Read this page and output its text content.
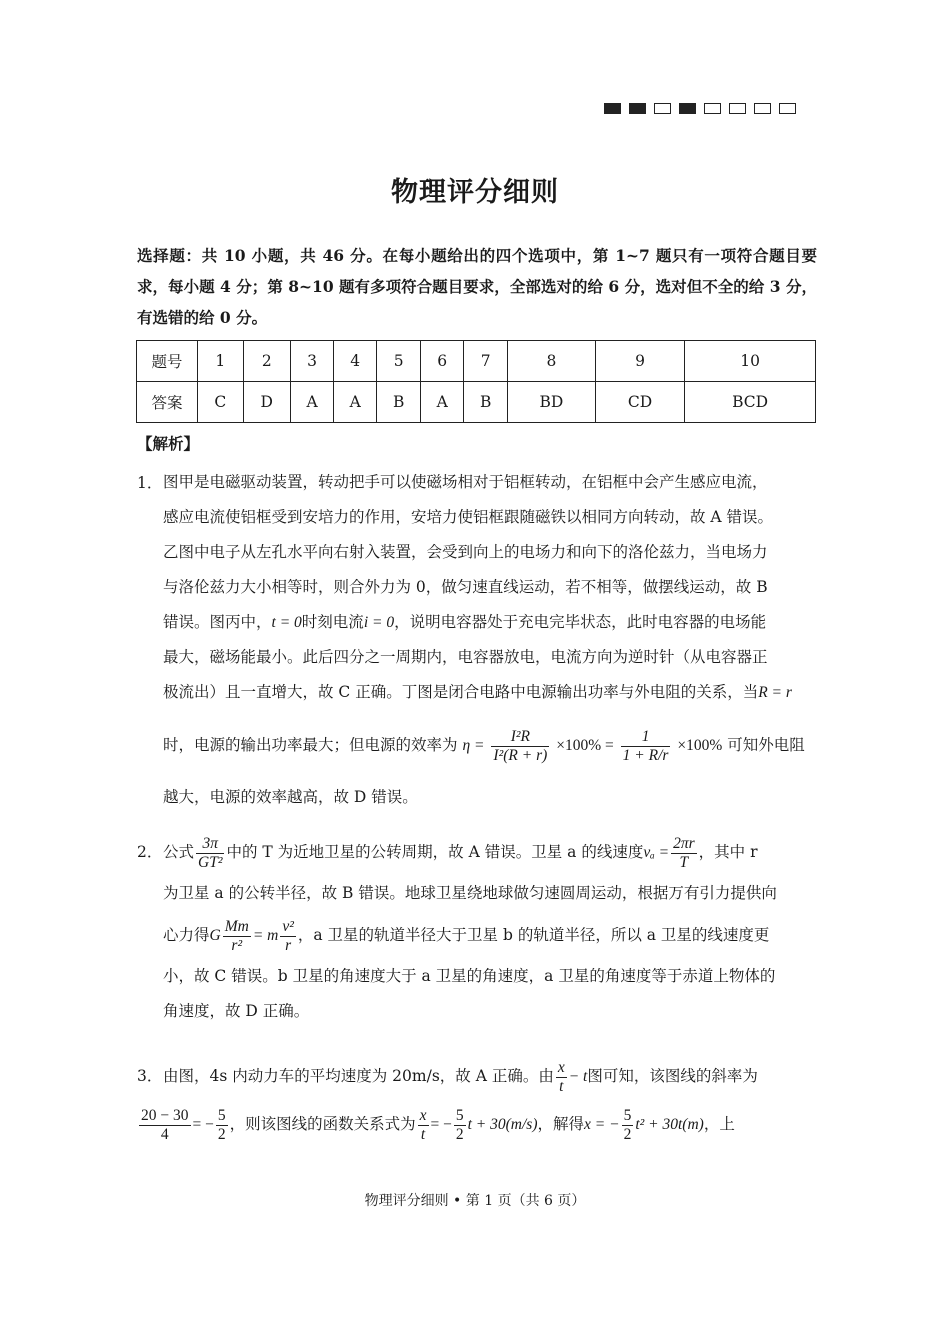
物理评分细则
选择题：共 10 小题，共 46 分。在每小题给出的四个选项中，第 1~7 题只有一项符合题目要求，每小题 4 分；第 8~10 题有多项符合题目要求，全部选对的给 6 分，选对但不全的给 3 分，有选错的给 0 分。
题号	1	2	3	4	5	6	7	8	9	10
答案	C	D	A	A	B	A	B	BD	CD	BCD
【解析】
1． 图甲是电磁驱动装置，转动把手可以使磁场相对于铝框转动，在铝框中会产生感应电流，
感应电流使铝框受到安培力的作用，安培力使铝框跟随磁铁以相同方向转动，故 A 错误。
乙图中电子从左孔水平向右射入装置，会受到向上的电场力和向下的洛伦兹力，当电场力
与洛伦兹力大小相等时，则合外力为 0，做匀速直线运动，若不相等，做摆线运动，故 B
错误。图丙中，t = 0时刻电流i = 0，说明电容器处于充电完毕状态，此时电容器的电场能
最大，磁场能最小。此后四分之一周期内，电容器放电，电流方向为逆时针（从电容器正
极流出）且一直增大，故 C 正确。丁图是闭合电路中电源输出功率与外电阻的关系，当R = r
时，电源的输出功率最大；但电源的效率为 $\eta = \frac{\text{I²R}}{\text{I²(R + r)}} \times 100\% = \frac{1}{1 + R/r} \times 100\%$ 可知外电阻
越大，电源的效率越高，故 D 错误。
2． 公式 $\frac{3\pi}{\text{GT²}}$ 中的 T 为近地卫星的公转周期，故 A 错误。卫星 a 的线速度$v_a = \frac{2\pi r}{T}$ ，其中 r
为卫星 a 的公转半径，故 B 错误。地球卫星绕地球做匀速圆周运动，根据万有引力提供向
心力得G $\frac{Mm}{\text{r²}} = m \frac{\text{v²}}{r}$ ，a 卫星的轨道半径大于卫星 b 的轨道半径，所以 a 卫星的线速度更
小，故 C 错误。b 卫星的角速度大于 a 卫星的角速度，a 卫星的角速度等于赤道上物体的
角速度，故 D 正确。
3． 由图，4s 内动力车的平均速度为 20m/s，故 A 正确。由 $\frac{x}{t} - t$图可知，该图线的斜率为
$\frac{20 - 30}{4}$ = − $\frac{5}{2}$ ，则该图线的函数关系式为 $\frac{x}{t}$ = − $\frac{5}{2}$ t + 30(m/s)，解得x = − $\frac{5}{2} t^2 + 30t(m)$，上
物理评分细则 • 第 1 页（共 6 页）
